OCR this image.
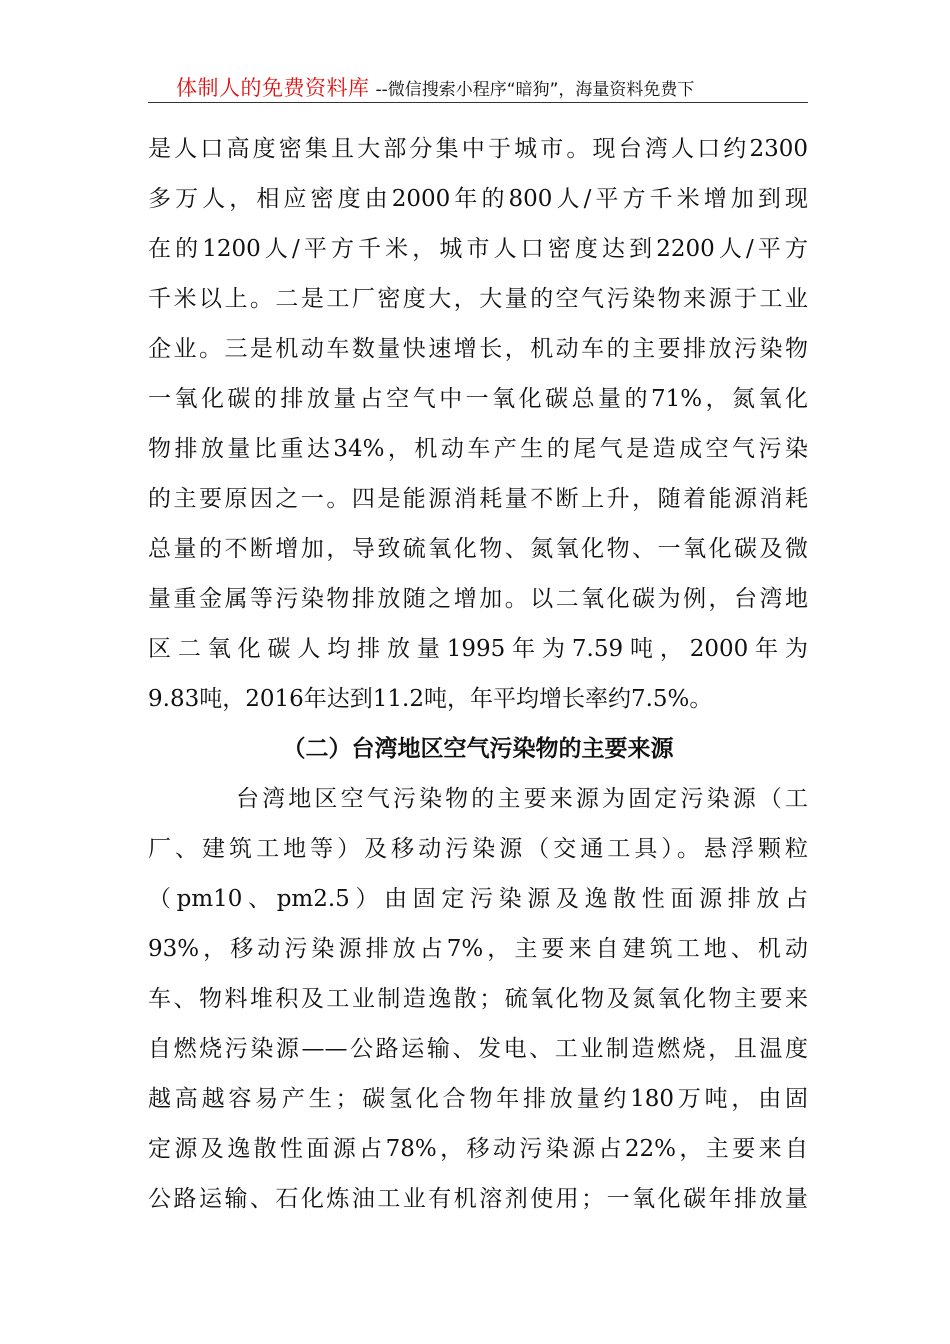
体制人的免费资料库 --微信搜索小程序“暗狗”，海量资料免费下
是人口高度密集且大部分集中于城市。现台湾人口约2300
多万人，相应密度由2000年的800人/平方千米增加到现
在的1200人/平方千米，城市人口密度达到2200人/平方
千米以上。二是工厂密度大，大量的空气污染物来源于工业
企业。三是机动车数量快速增长，机动车的主要排放污染物
一氧化碳的排放量占空气中一氧化碳总量的71%，氮氧化
物排放量比重达34%，机动车产生的尾气是造成空气污染
的主要原因之一。四是能源消耗量不断上升，随着能源消耗
总量的不断增加，导致硫氧化物、氮氧化物、一氧化碳及微
量重金属等污染物排放随之增加。以二氧化碳为例，台湾地
区二氧化碳人均排放量1995年为7.59吨，2000年为
9.83吨，2016年达到11.2吨，年平均增长率约7.5%。
（二）台湾地区空气污染物的主要来源
台湾地区空气污染物的主要来源为固定污染源（工
厂、建筑工地等）及移动污染源（交通工具）。悬浮颗粒
（pm10、pm2.5）由固定污染源及逸散性面源排放占
93%，移动污染源排放占7%，主要来自建筑工地、机动
车、物料堆积及工业制造逸散；硫氧化物及氮氧化物主要来
自燃烧污染源——公路运输、发电、工业制造燃烧，且温度
越高越容易产生；碳氢化合物年排放量约180万吨，由固
定源及逸散性面源占78%，移动污染源占22%，主要来自
公路运输、石化炼油工业有机溶剂使用；一氧化碳年排放量
